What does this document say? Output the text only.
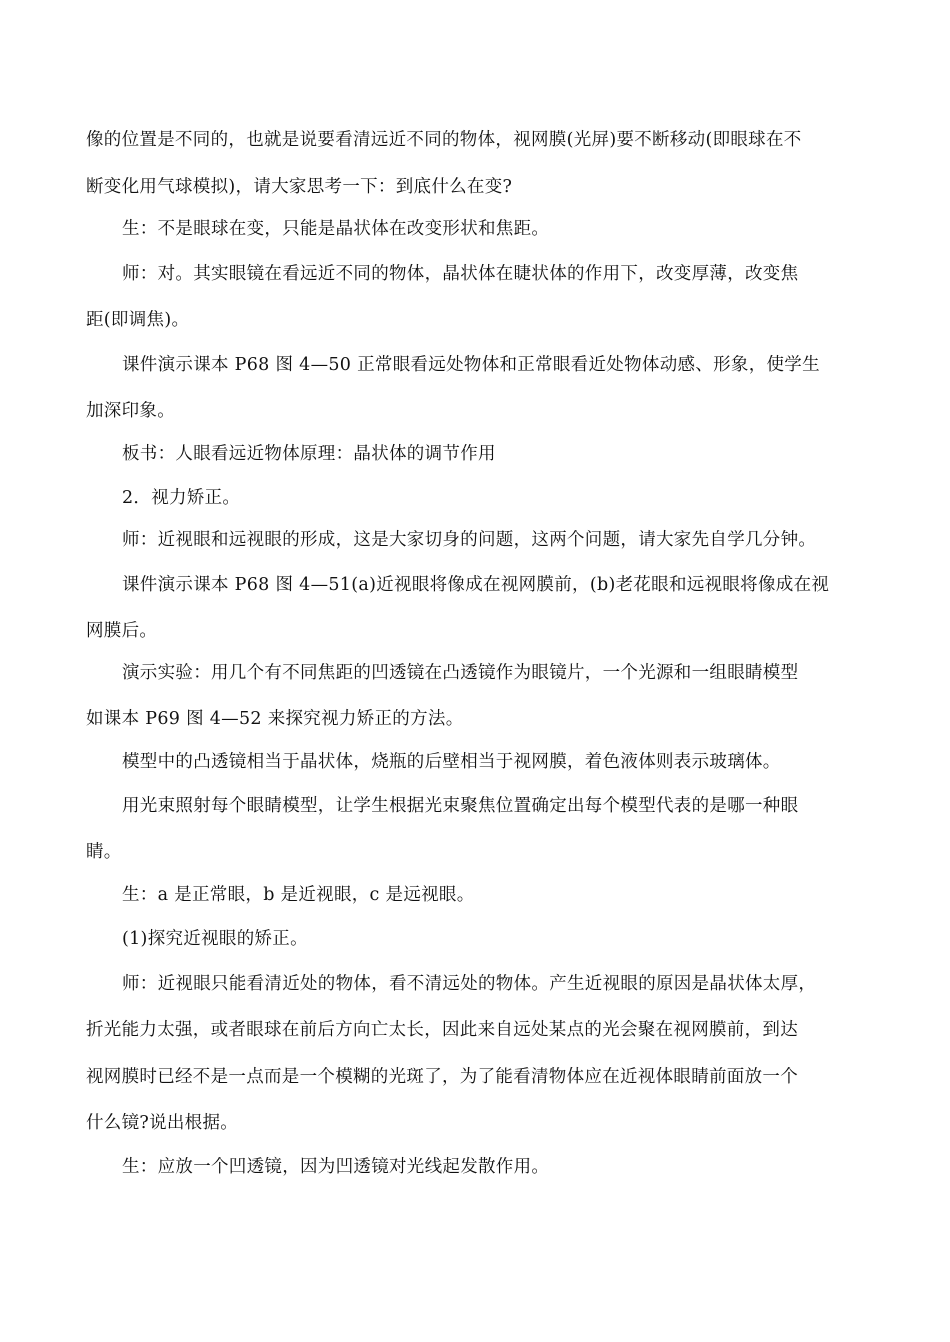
像的位置是不同的，也就是说要看清远近不同的物体，视网膜(光屏)要不断移动(即眼球在不
断变化用气球模拟)，请大家思考一下：到底什么在变?
生：不是眼球在变，只能是晶状体在改变形状和焦距。
师：对。其实眼镜在看远近不同的物体，晶状体在睫状体的作用下，改变厚薄，改变焦
距(即调焦)。
课件演示课本 P68 图 4—50 正常眼看远处物体和正常眼看近处物体动感、形象，使学生
加深印象。
板书：人眼看远近物体原理：晶状体的调节作用
2．视力矫正。
师：近视眼和远视眼的形成，这是大家切身的问题，这两个问题，请大家先自学几分钟。
课件演示课本 P68 图 4—51(a)近视眼将像成在视网膜前，(b)老花眼和远视眼将像成在视
网膜后。
演示实验：用几个有不同焦距的凹透镜在凸透镜作为眼镜片，一个光源和一组眼睛模型
如课本 P69 图 4—52 来探究视力矫正的方法。
模型中的凸透镜相当于晶状体，烧瓶的后壁相当于视网膜，着色液体则表示玻璃体。
用光束照射每个眼睛模型，让学生根据光束聚焦位置确定出每个模型代表的是哪一种眼
睛。
生：a 是正常眼，b 是近视眼，c 是远视眼。
(1)探究近视眼的矫正。
师：近视眼只能看清近处的物体，看不清远处的物体。产生近视眼的原因是晶状体太厚，
折光能力太强，或者眼球在前后方向亡太长，因此来自远处某点的光会聚在视网膜前，到达
视网膜时已经不是一点而是一个模糊的光斑了，为了能看清物体应在近视体眼睛前面放一个
什么镜?说出根据。
生：应放一个凹透镜，因为凹透镜对光线起发散作用。
